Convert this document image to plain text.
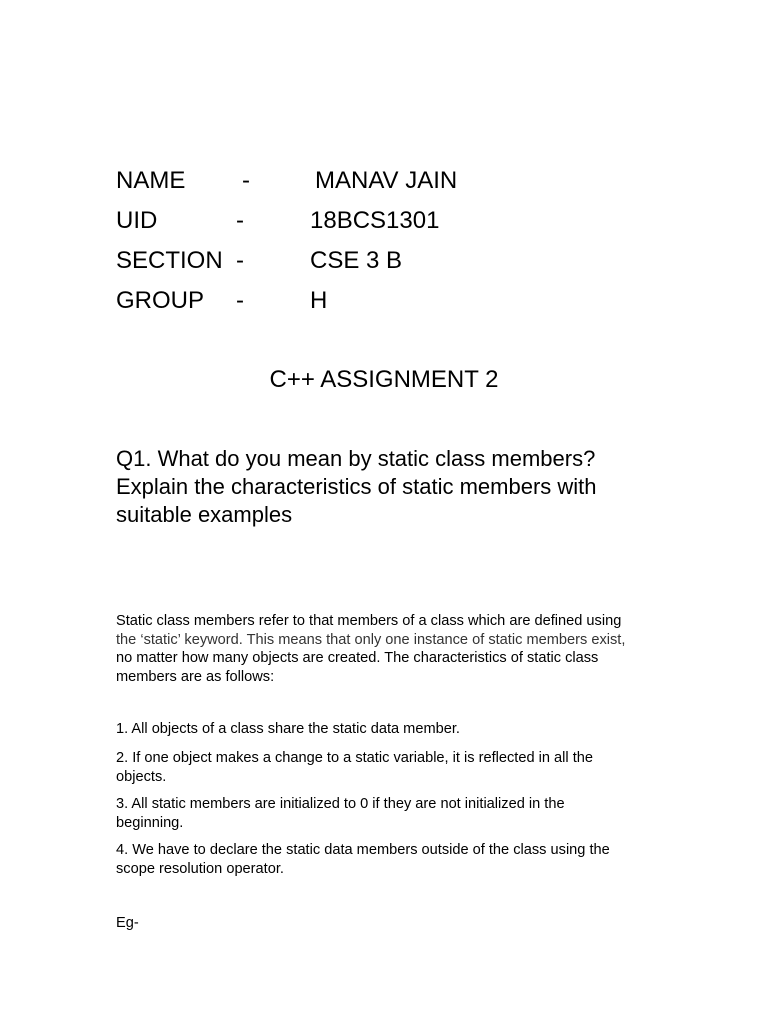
NAME -	MANAV JAIN
UID	-	18BCS1301
SECTION -	CSE 3 B
GROUP -	H
C++ ASSIGNMENT 2
Q1. What do you mean by static class members?
Explain the characteristics of static members with
suitable examples
Static class members refer to that members of a class which are defined using
the ‘static’ keyword. This means that only one instance of static members exist,
no matter how many objects are created. The characteristics of static class
members are as follows:
1. All objects of a class share the static data member.
2. If one object makes a change to a static variable, it is reflected in all the
objects.
3. All static members are initialized to 0 if they are not initialized in the
beginning.
4. We have to declare the static data members outside of the class using the
scope resolution operator.
Eg-
